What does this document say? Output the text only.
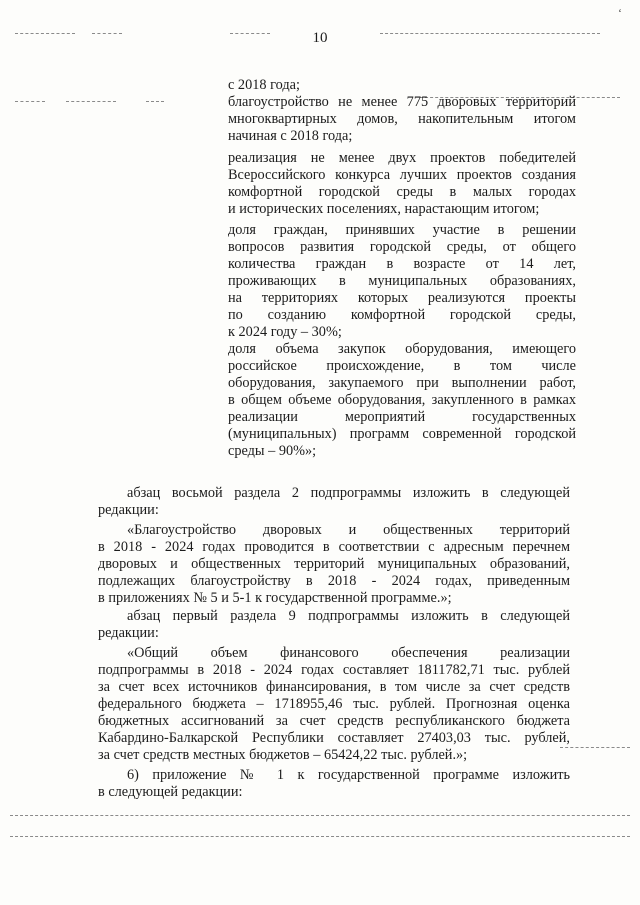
ʻ
10
с 2018 года;
благоустройство не менее 775 дворовых территорий
многоквартирных домов, накопительным итогом
начиная с 2018 года;
реализация не менее двух проектов победителей
Всероссийского конкурса лучших проектов создания
комфортной городской среды в малых городах
и исторических поселениях, нарастающим итогом;
доля граждан, принявших участие в решении
вопросов развития городской среды, от общего
количества граждан в возрасте от 14 лет,
проживающих в муниципальных образованиях,
на территориях которых реализуются проекты
по созданию комфортной городской среды,
к 2024 году – 30%;
доля объема закупок оборудования, имеющего
российское происхождение, в том числе
оборудования, закупаемого при выполнении работ,
в общем объеме оборудования, закупленного в рамках
реализации мероприятий государственных
(муниципальных) программ современной городской
среды – 90%»;
абзац восьмой раздела 2 подпрограммы изложить в следующей
редакции:
«Благоустройство дворовых и общественных территорий
в 2018 - 2024 годах проводится в соответствии с адресным перечнем
дворовых и общественных территорий муниципальных образований,
подлежащих благоустройству в 2018 - 2024 годах, приведенным
в приложениях № 5 и 5-1 к государственной программе.»;
абзац первый раздела 9 подпрограммы изложить в следующей
редакции:
«Общий объем финансового обеспечения реализации
подпрограммы в 2018 - 2024 годах составляет 1811782,71 тыс. рублей
за счет всех источников финансирования, в том числе за счет средств
федерального бюджета – 1718955,46 тыс. рублей. Прогнозная оценка
бюджетных ассигнований за счет средств республиканского бюджета
Кабардино-Балкарской Республики составляет 27403,03 тыс. рублей,
за счет средств местных бюджетов – 65424,22 тыс. рублей.»;
6) приложение № 1 к государственной программе изложить
в следующей редакции:
